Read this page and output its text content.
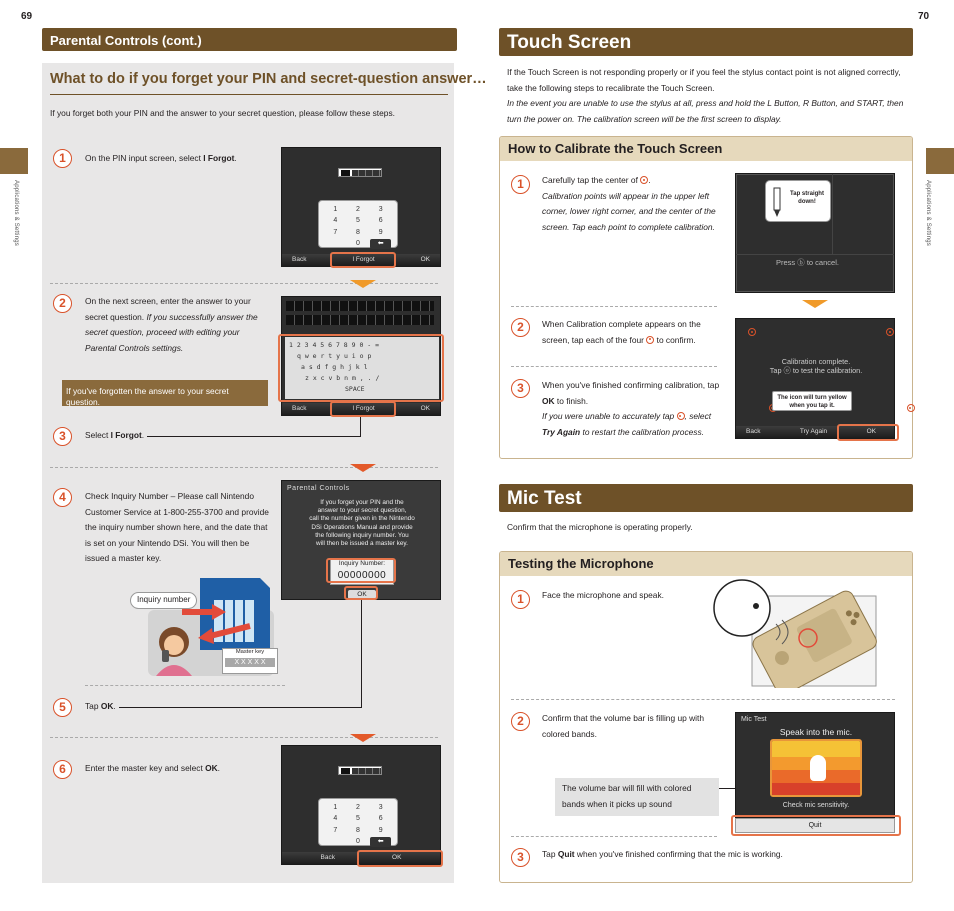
69
Applications & Settings
Parental Controls (cont.)
What to do if you forget your PIN and secret-question answer…
If you forget both your PIN and the answer to your secret question, please follow these steps.
1	On the PIN input screen, select I Forgot.
1	2	3
4	5	6
7	8	9
0	⬅
Back	I Forgot	OK
2	On the next screen, enter the answer to your secret question. If you successfully answer the secret question, proceed with editing your Parental Controls settings.
If you've forgotten the answer to your secret question.
1 2 3 4 5 6 7 8 9 0 - =
q w e r t y u i o p
a s d f g h j k l
z x c v b n m , . /
SPACE
Back	I Forgot	OK
3	Select I Forgot.
4	Check Inquiry Number – Please call Nintendo Customer Service at 1-800-255-3700 and provide the inquiry number shown here, and the date that is set on your Nintendo DSi. You will then be issued a master key.
Parental Controls
If you forget your PIN and the
answer to your secret question,
call the number given in the Nintendo
DSi Operations Manual and provide
the following inquiry number. You
will then be issued a master key.
Inquiry Number:
00000000
OK
Inquiry number
Master key
X X X X X
5	Tap OK.
6	Enter the master key and select OK.
1	2	3
4	5	6
7	8	9
0	⬅
Back	OK
70
Applications & Settings
Touch Screen
If the Touch Screen is not responding properly or if you feel the stylus contact point is not aligned correctly, take the following steps to recalibrate the Touch Screen.
In the event you are unable to use the stylus at all, press and hold the L Button, R Button, and START, then turn the power on. The calibration screen will be the first screen to display.
How to Calibrate the Touch Screen
1	Carefully tap the center of .
Calibration points will appear in the upper left corner, lower right corner, and the center of the screen. Tap each point to complete calibration.
Press ⓑ to cancel.
Tap straight down!
2	When Calibration complete appears on the screen, tap each of the four  to confirm.

Calibration complete.
Tap ⓞ to test the calibration.
Back	Try Again	OK
The icon will turn yellow when you tap it.
3	When you've finished confirming calibration, tap OK to finish.
If you were unable to accurately tap , select Try Again to restart the calibration process.
Mic Test
Confirm that the microphone is operating properly.
Testing the Microphone
1	Face the microphone and speak.
2	Confirm that the volume bar is filling up with colored bands.
The volume bar will fill with colored bands when it picks up sound
Mic Test
Speak into the mic.
Check mic sensitivity.
Quit
3	Tap Quit when you've finished confirming that the mic is working.
